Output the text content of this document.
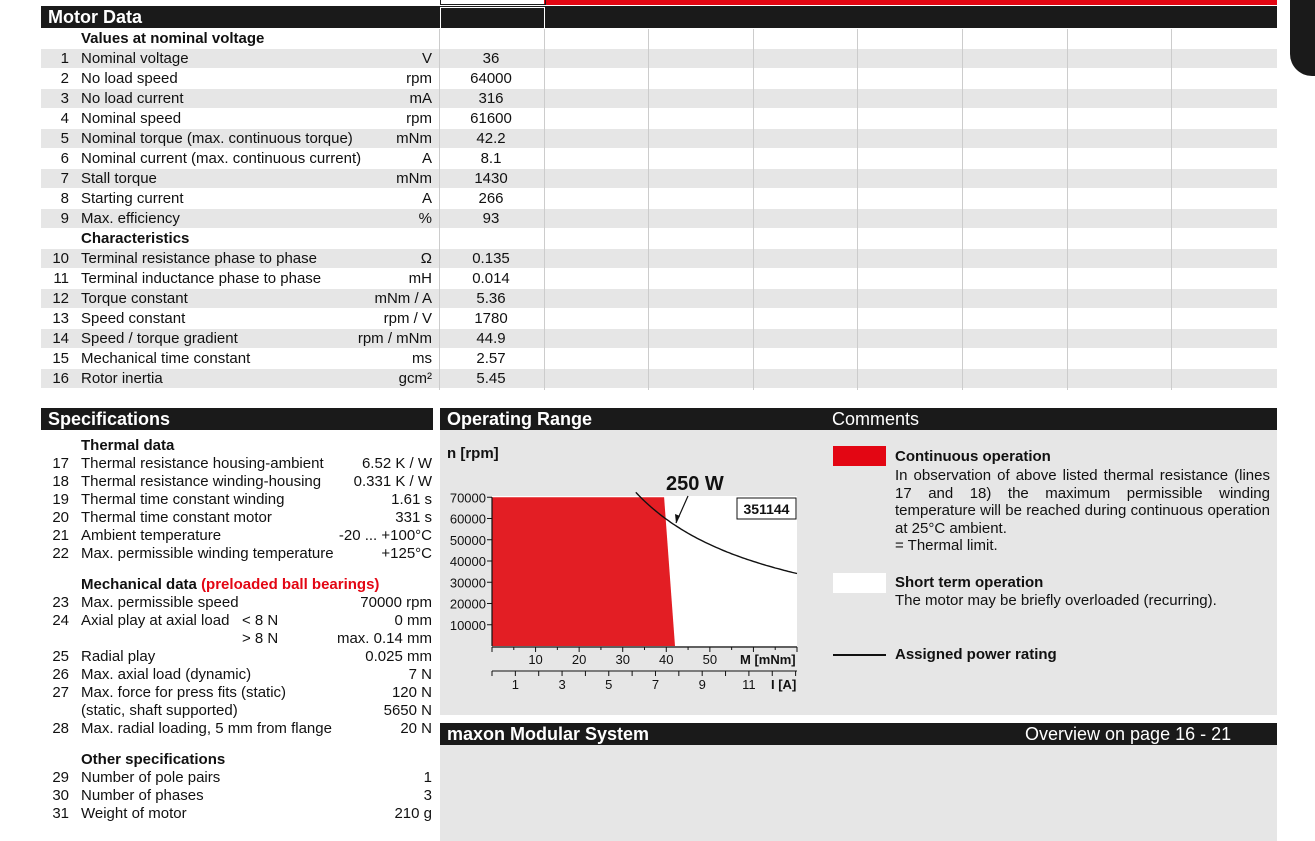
Motor Data
Values at nominal voltage
1 Nominal voltage	V	36
2 No load speed	rpm	64000
3 No load current	mA	316
4 Nominal speed	rpm	61600
5 Nominal torque (max. continuous torque)	mNm	42.2
6 Nominal current (max. continuous current)	A	8.1
7 Stall torque	mNm	1430
8 Starting current	A	266
9 Max. efficiency	%	93
Characteristics
10 Terminal resistance phase to phase	Ω	0.135
11 Terminal inductance phase to phase	mH	0.014
12 Torque constant	mNm / A	5.36
13 Speed constant	rpm / V	1780
14 Speed / torque gradient	rpm / mNm	44.9
15 Mechanical time constant	ms	2.57
16 Rotor inertia	gcm²	5.45
Specifications
Thermal data
17 Thermal resistance housing-ambient	6.52 K / W
18 Thermal resistance winding-housing 0.331 K / W
19 Thermal time constant winding	1.61 s
20 Thermal time constant motor	331 s
21 Ambient temperature	-20 ... +100°C
22 Max. permissible winding temperature	+125°C
Mechanical data (preloaded ball bearings)
23 Max. permissible speed	70000 rpm
24 Axial play at axial load < 8 N	0 mm
> 8 N	max. 0.14 mm
25 Radial play	0.025 mm
26 Max. axial load (dynamic)	7 N
27 Max. force for press fits (static)	120 N
(static, shaft supported)	5650 N
28 Max. radial loading, 5 mm from flange	20 N
Other specifications
29 Number of pole pairs	1
30 Number of phases	3
31 Weight of motor	210 g
Operating Range	Comments
10000
20000
30000
40000
50000
60000
70000
10 20 30 40 50
1	3	5	7	9	11
n [rpm]
M [mNm]
I [A]
250 W
351144
Continuous operation
In observation of above listed thermal resistance (lines 17 and 18) the maximum permissible winding temperature will be reached during continuous operation at 25°C ambient.
= Thermal limit.
Short term operation
The motor may be briefly overloaded (recurring).
Assigned power rating
maxon Modular System	Overview on page 16 - 21
